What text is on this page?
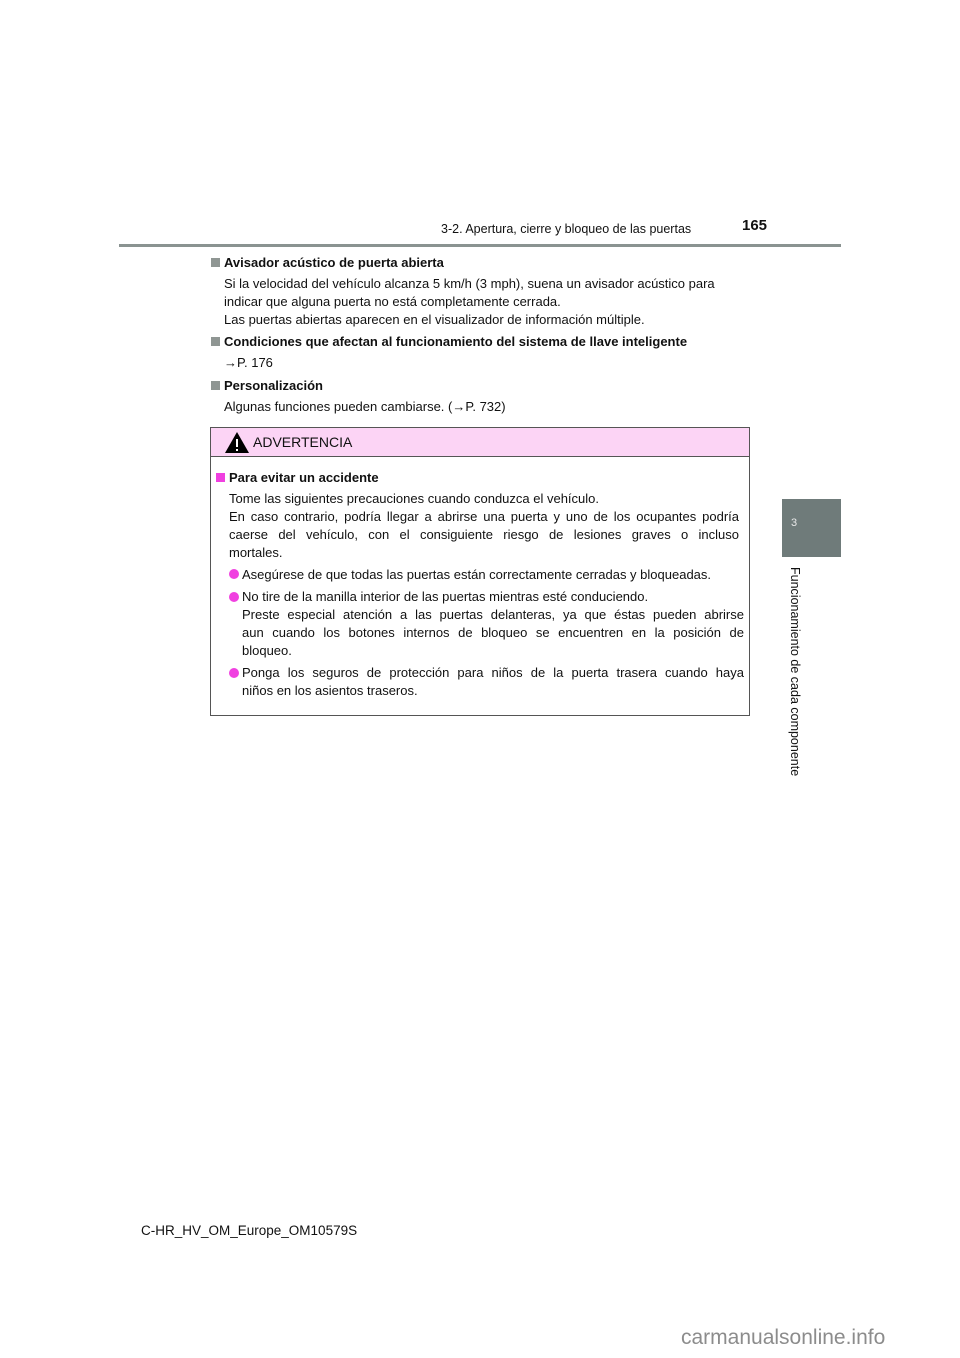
3-2. Apertura, cierre y bloqueo de las puertas	165
3
Funcionamiento de cada componente
Avisador acústico de puerta abierta
Si la velocidad del vehículo alcanza 5 km/h (3 mph), suena un avisador acústico para
indicar que alguna puerta no está completamente cerrada.
Las puertas abiertas aparecen en el visualizador de información múltiple.
Condiciones que afectan al funcionamiento del sistema de llave inteligente
→P. 176
Personalización
Algunas funciones pueden cambiarse. (→P. 732)
ADVERTENCIA
Para evitar un accidente
Tome las siguientes precauciones cuando conduzca el vehículo.
En caso contrario, podría llegar a abrirse una puerta y uno de los ocupantes podría
caerse del vehículo, con el consiguiente riesgo de lesiones graves o incluso
mortales.
Asegúrese de que todas las puertas están correctamente cerradas y bloqueadas.
No tire de la manilla interior de las puertas mientras esté conduciendo.
Preste especial atención a las puertas delanteras, ya que éstas pueden abrirse
aun cuando los botones internos de bloqueo se encuentren en la posición de
bloqueo.
Ponga los seguros de protección para niños de la puerta trasera cuando haya
niños en los asientos traseros.
C-HR_HV_OM_Europe_OM10579S
carmanualsonline.info
